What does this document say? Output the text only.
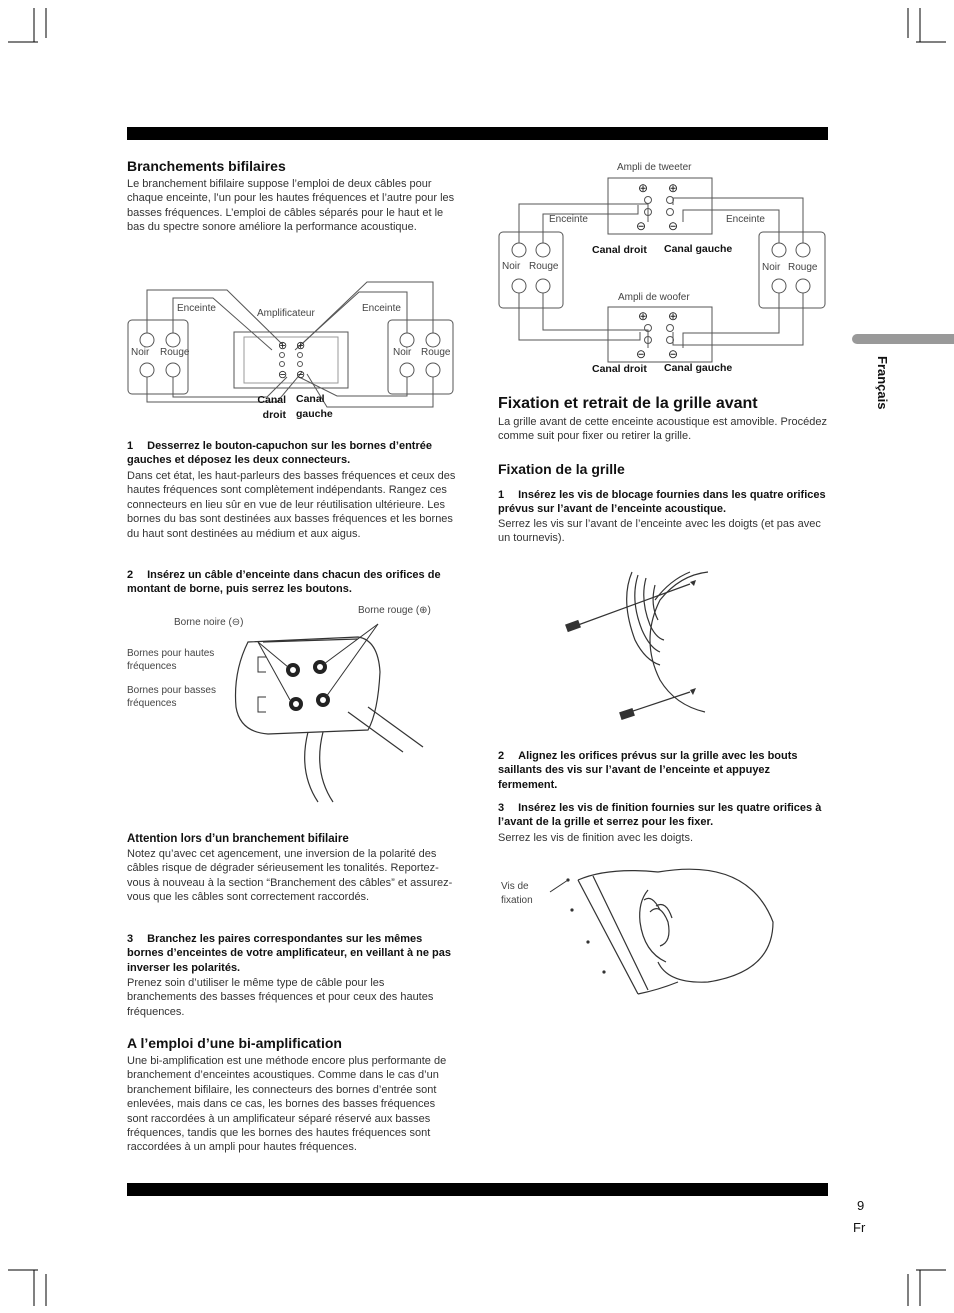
Français
Branchements bifilaires
Le branchement bifilaire suppose l’emploi de deux câbles pour chaque enceinte, l’un pour les hautes fréquences et l’autre pour les basses fréquences. L’emploi de câbles séparés pour le haut et le bas du spectre sonore améliore la performance acoustique.
⊕ ⊕
⊖ ⊖
Enceinte	Amplificateur	Enceinte
Noir Rouge	Noir Rouge
Canal droit
Canal gauche
1 Desserrez le bouton-capuchon sur les bornes d’entrée gauches et déposez les deux connecteurs.
Dans cet état, les haut-parleurs des basses fréquences et ceux des hautes fréquences sont complètement indépendants. Rangez ces connecteurs en lieu sûr en vue de leur réutilisation ultérieure. Les bornes du bas sont destinées aux basses fréquences et les bornes du haut sont destinées au médium et aux aigus.
2 Insérez un câble d’enceinte dans chacun des orifices de montant de borne, puis serrez les boutons.
Borne rouge (⊕)
Borne noire (⊖)
Bornes pour hautes fréquences
Bornes pour basses fréquences
Attention lors d’un branchement bifilaire
Notez qu’avec cet agencement, une inversion de la polarité des câbles risque de dégrader sérieusement les tonalités. Reportez-vous à nouveau à la section “Branchement des câbles” et assurez-vous que les câbles sont correctement raccordés.
3 Branchez les paires correspondantes sur les mêmes bornes d’enceintes de votre amplificateur, en veillant à ne pas inverser les polarités.
Prenez soin d’utiliser le même type de câble pour les branchements des basses fréquences et pour ceux des hautes fréquences.
A l’emploi d’une bi-amplification
Une bi-amplification est une méthode encore plus performante de branchement d’enceintes acoustiques. Comme dans le cas d’un branchement bifilaire, les connecteurs des bornes d’entrée sont enlevées, mais dans ce cas, les bornes des basses fréquences sont raccordées à un amplificateur séparé réservé aux basses fréquences, tandis que les bornes des hautes fréquences sont raccordées à un ampli pour hautes fréquences.
⊕ ⊕
⊖ ⊖
⊕ ⊕
⊖ ⊖
Ampli de tweeter
Ampli de woofer
Enceinte	Enceinte
Noir Rouge	Noir Rouge
Canal droit Canal gauche
Canal droit Canal gauche
Fixation et retrait de la grille avant
La grille avant de cette enceinte acoustique est amovible. Procédez comme suit pour fixer ou retirer la grille.
Fixation de la grille
1 Insérez les vis de blocage fournies dans les quatre orifices prévus sur l’avant de l’enceinte acoustique.
Serrez les vis sur l’avant de l’enceinte avec les doigts (et pas avec un tournevis).
2 Alignez les orifices prévus sur la grille avec les bouts saillants des vis sur l’avant de l’enceinte et appuyez fermement.
3 Insérez les vis de finition fournies sur les quatre orifices à l’avant de la grille et serrez pour les fixer.
Serrez les vis de finition avec les doigts.
Vis de
fixation
9
Fr
